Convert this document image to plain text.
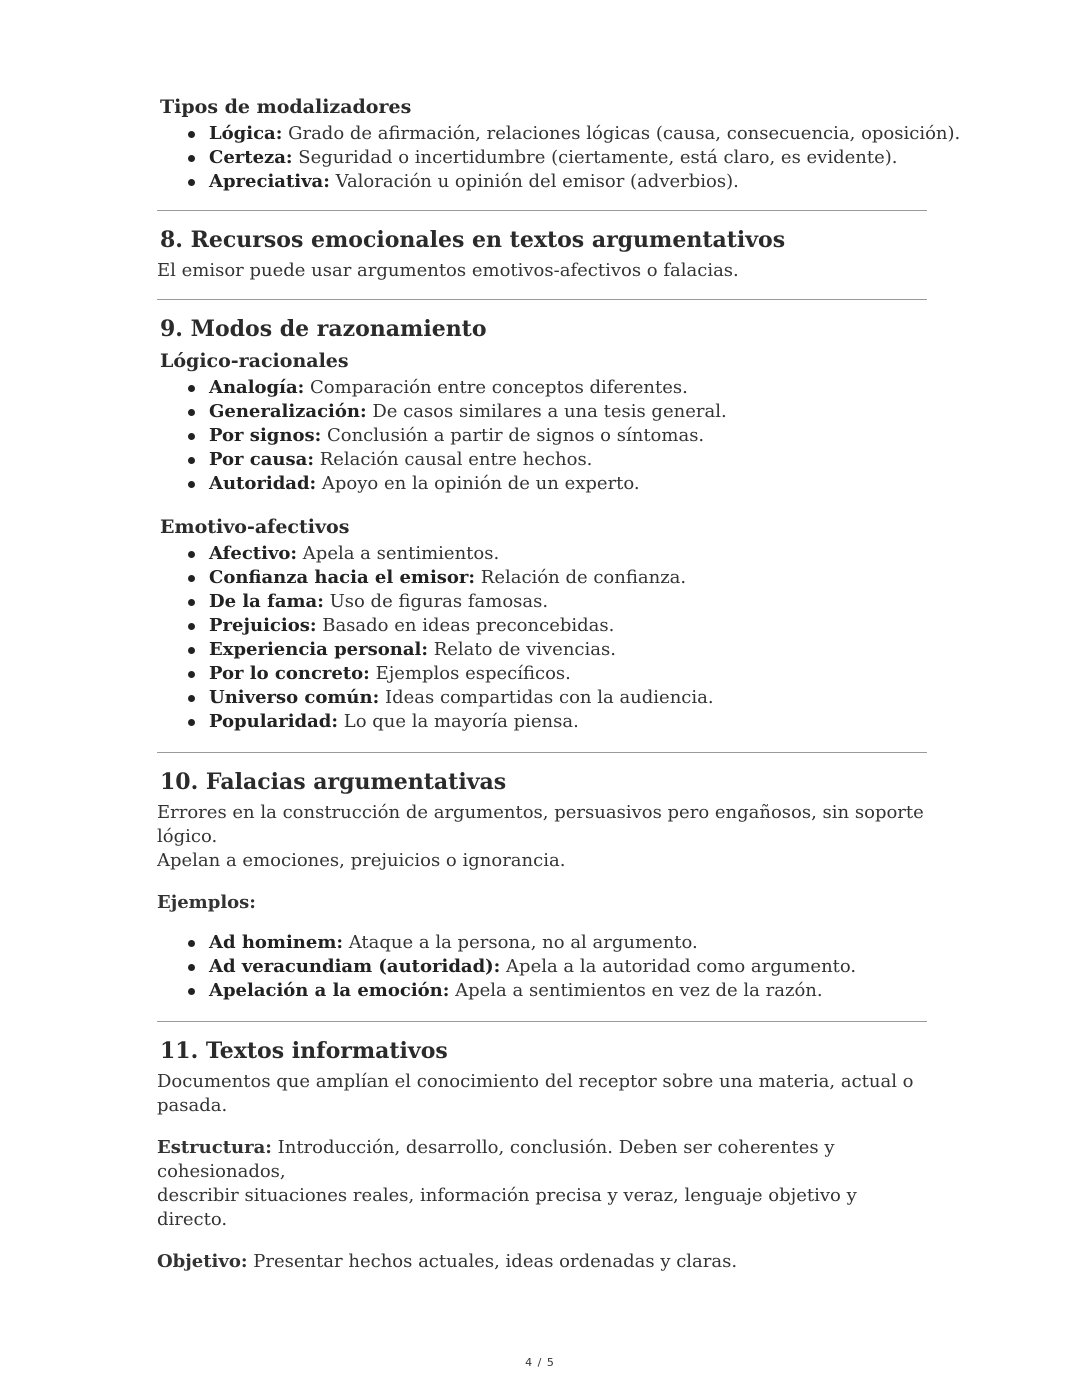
Tipos de modalizadores
Lógica: Grado de afirmación, relaciones lógicas (causa, consecuencia, oposición).
Certeza: Seguridad o incertidumbre (ciertamente, está claro, es evidente).
Apreciativa: Valoración u opinión del emisor (adverbios).
8. Recursos emocionales en textos argumentativos

El emisor puede usar argumentos emotivos-afectivos o falacias.

9. Modos de razonamiento
Lógico-racionales
Analogía: Comparación entre conceptos diferentes.
Generalización: De casos similares a una tesis general.
Por signos: Conclusión a partir de signos o síntomas.
Por causa: Relación causal entre hechos.
Autoridad: Apoyo en la opinión de un experto.
Emotivo-afectivos
Afectivo: Apela a sentimientos.
Confianza hacia el emisor: Relación de confianza.
De la fama: Uso de figuras famosas.
Prejuicios: Basado en ideas preconcebidas.
Experiencia personal: Relato de vivencias.
Por lo concreto: Ejemplos específicos.
Universo común: Ideas compartidas con la audiencia.
Popularidad: Lo que la mayoría piensa.
10. Falacias argumentativas

Errores en la construcción de argumentos, persuasivos pero engañosos, sin soporte lógico.

Apelan a emociones, prejuicios o ignorancia.

Ejemplos:

Ad hominem: Ataque a la persona, no al argumento.
Ad veracundiam (autoridad): Apela a la autoridad como argumento.
Apelación a la emoción: Apela a sentimientos en vez de la razón.
11. Textos informativos

Documentos que amplían el conocimiento del receptor sobre una materia, actual o pasada.

Estructura: Introducción, desarrollo, conclusión. Deben ser coherentes y cohesionados,
describir situaciones reales, información precisa y veraz, lenguaje objetivo y directo.

Objetivo: Presentar hechos actuales, ideas ordenadas y claras.

4 / 5
